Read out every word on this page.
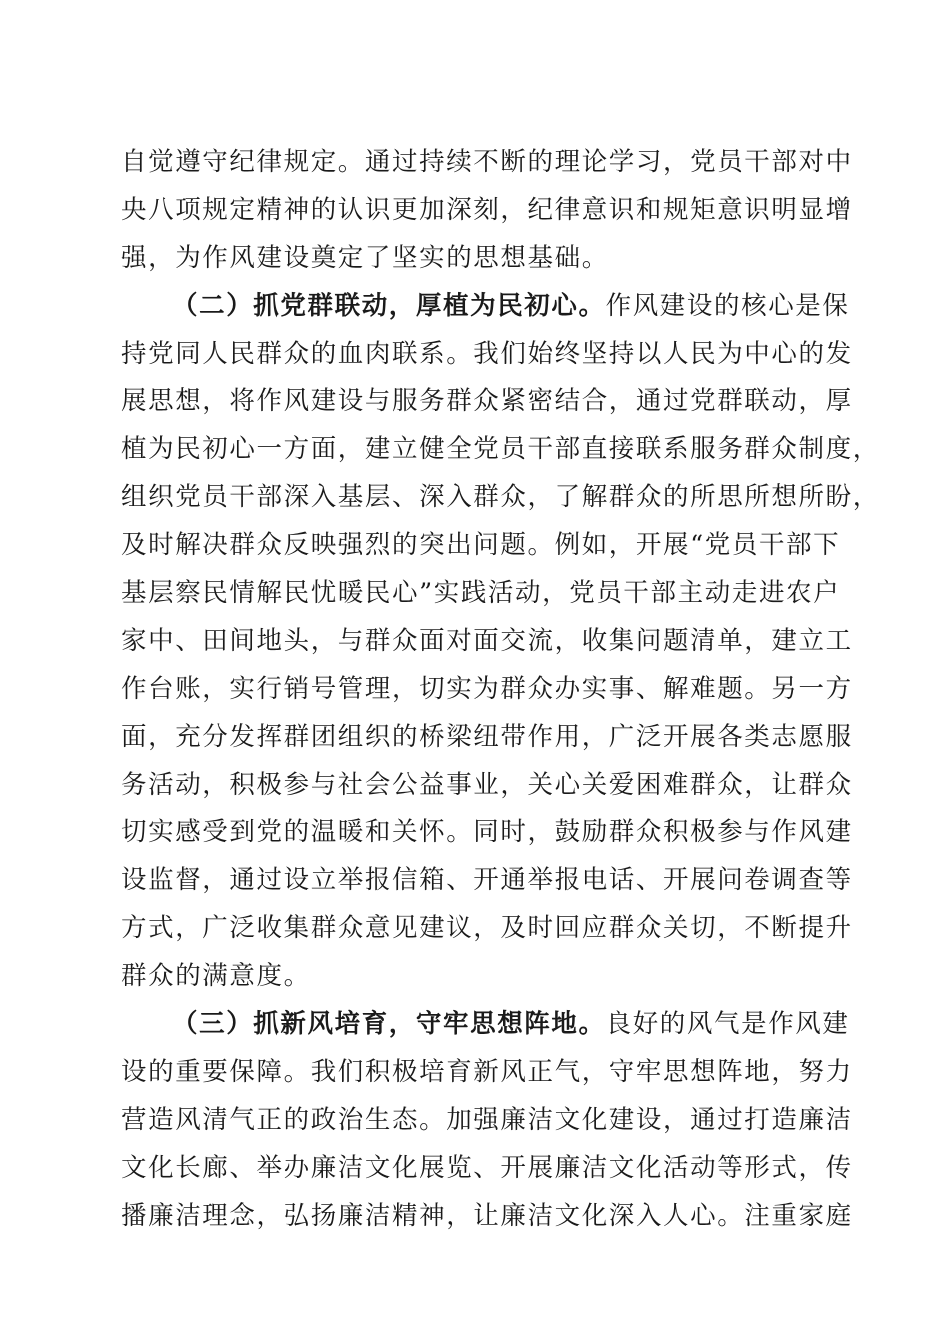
自觉遵守纪律规定。通过持续不断的理论学习，党员干部对中
央八项规定精神的认识更加深刻，纪律意识和规矩意识明显增
强，为作风建设奠定了坚实的思想基础。
（二）抓党群联动，厚植为民初心。作风建设的核心是保
持党同人民群众的血肉联系。我们始终坚持以人民为中心的发
展思想，将作风建设与服务群众紧密结合，通过党群联动，厚
植为民初心一方面，建立健全党员干部直接联系服务群众制度，
组织党员干部深入基层、深入群众，了解群众的所思所想所盼，
及时解决群众反映强烈的突出问题。例如，开展“党员干部下
基层察民情解民忧暖民心”实践活动，党员干部主动走进农户
家中、田间地头，与群众面对面交流，收集问题清单，建立工
作台账，实行销号管理，切实为群众办实事、解难题。另一方
面，充分发挥群团组织的桥梁纽带作用，广泛开展各类志愿服
务活动，积极参与社会公益事业，关心关爱困难群众，让群众
切实感受到党的温暖和关怀。同时，鼓励群众积极参与作风建
设监督，通过设立举报信箱、开通举报电话、开展问卷调查等
方式，广泛收集群众意见建议，及时回应群众关切，不断提升
群众的满意度。
（三）抓新风培育，守牢思想阵地。良好的风气是作风建
设的重要保障。我们积极培育新风正气，守牢思想阵地，努力
营造风清气正的政治生态。加强廉洁文化建设，通过打造廉洁
文化长廊、举办廉洁文化展览、开展廉洁文化活动等形式，传
播廉洁理念，弘扬廉洁精神，让廉洁文化深入人心。注重家庭
